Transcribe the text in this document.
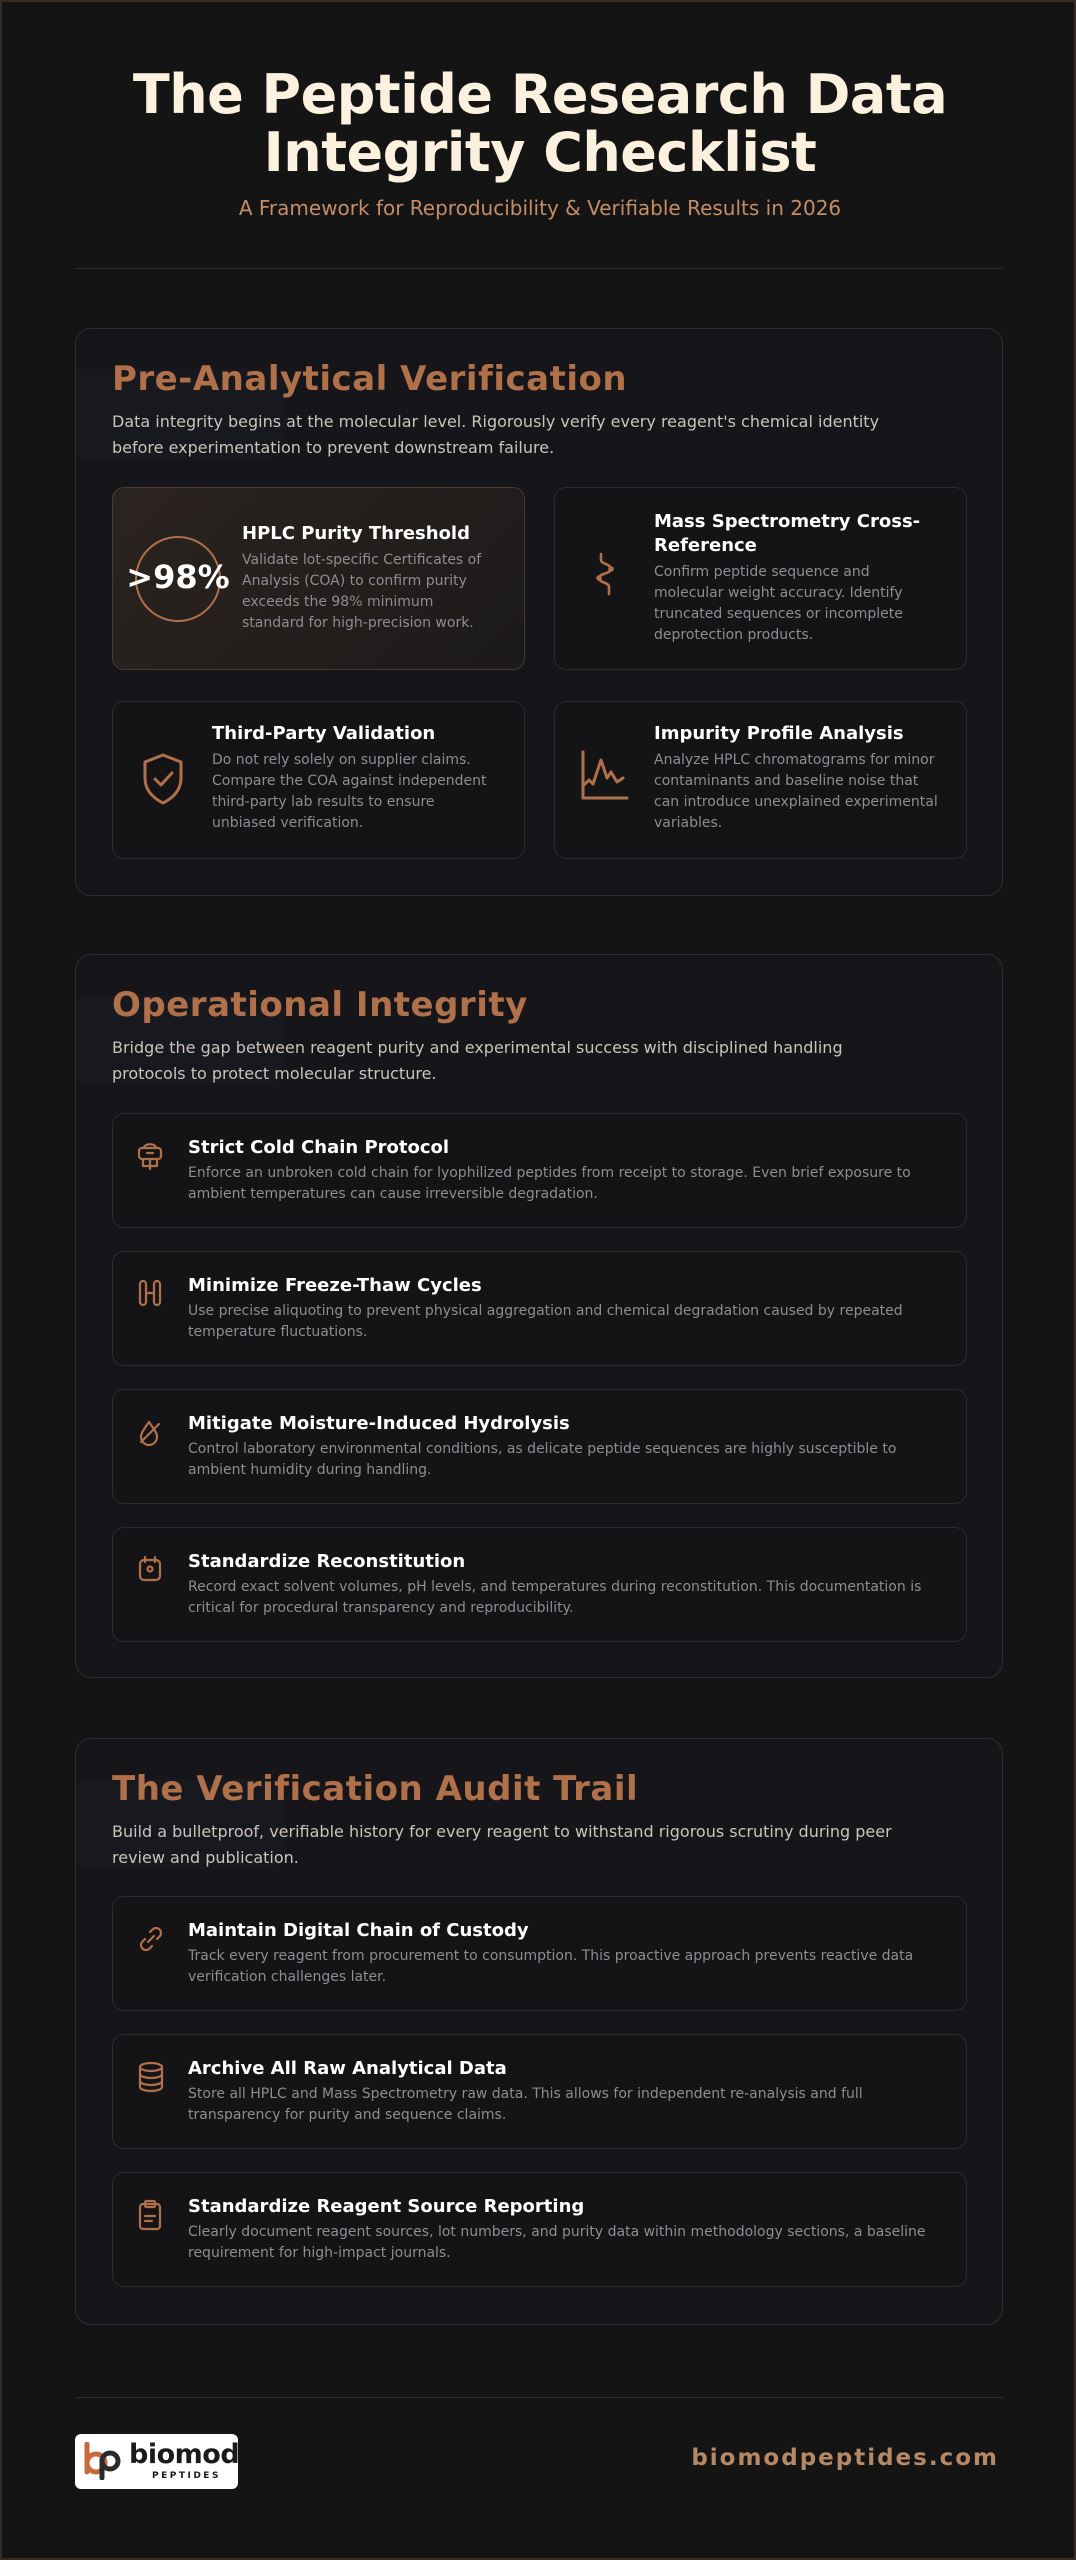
The Peptide Research Data
Integrity Checklist
A Framework for Reproducibility & Verifiable Results in 2026
Pre-Analytical Verification
Data integrity begins at the molecular level. Rigorously verify every reagent's chemical identity before experimentation to prevent downstream failure.
>98%
HPLC Purity Threshold
Validate lot-specific Certificates of Analysis (COA) to confirm purity exceeds the 98% minimum standard for high-precision work.
Mass Spectrometry Cross-Reference
Confirm peptide sequence and molecular weight accuracy. Identify truncated sequences or incomplete deprotection products.
Third-Party Validation
Do not rely solely on supplier claims. Compare the COA against independent third-party lab results to ensure unbiased verification.
Impurity Profile Analysis
Analyze HPLC chromatograms for minor contaminants and baseline noise that can introduce unexplained experimental variables.
Operational Integrity
Bridge the gap between reagent purity and experimental success with disciplined handling protocols to protect molecular structure.
Strict Cold Chain Protocol
Enforce an unbroken cold chain for lyophilized peptides from receipt to storage. Even brief exposure to ambient temperatures can cause irreversible degradation.
Minimize Freeze-Thaw Cycles
Use precise aliquoting to prevent physical aggregation and chemical degradation caused by repeated temperature fluctuations.
Mitigate Moisture-Induced Hydrolysis
Control laboratory environmental conditions, as delicate peptide sequences are highly susceptible to ambient humidity during handling.
Standardize Reconstitution
Record exact solvent volumes, pH levels, and temperatures during reconstitution. This documentation is critical for procedural transparency and reproducibility.
The Verification Audit Trail
Build a bulletproof, verifiable history for every reagent to withstand rigorous scrutiny during peer review and publication.
Maintain Digital Chain of Custody
Track every reagent from procurement to consumption. This proactive approach prevents reactive data verification challenges later.
Archive All Raw Analytical Data
Store all HPLC and Mass Spectrometry raw data. This allows for independent re-analysis and full transparency for purity and sequence claims.
Standardize Reagent Source Reporting
Clearly document reagent sources, lot numbers, and purity data within methodology sections, a baseline requirement for high-impact journals.
biomod
PEPTIDES
biomodpeptides.com
